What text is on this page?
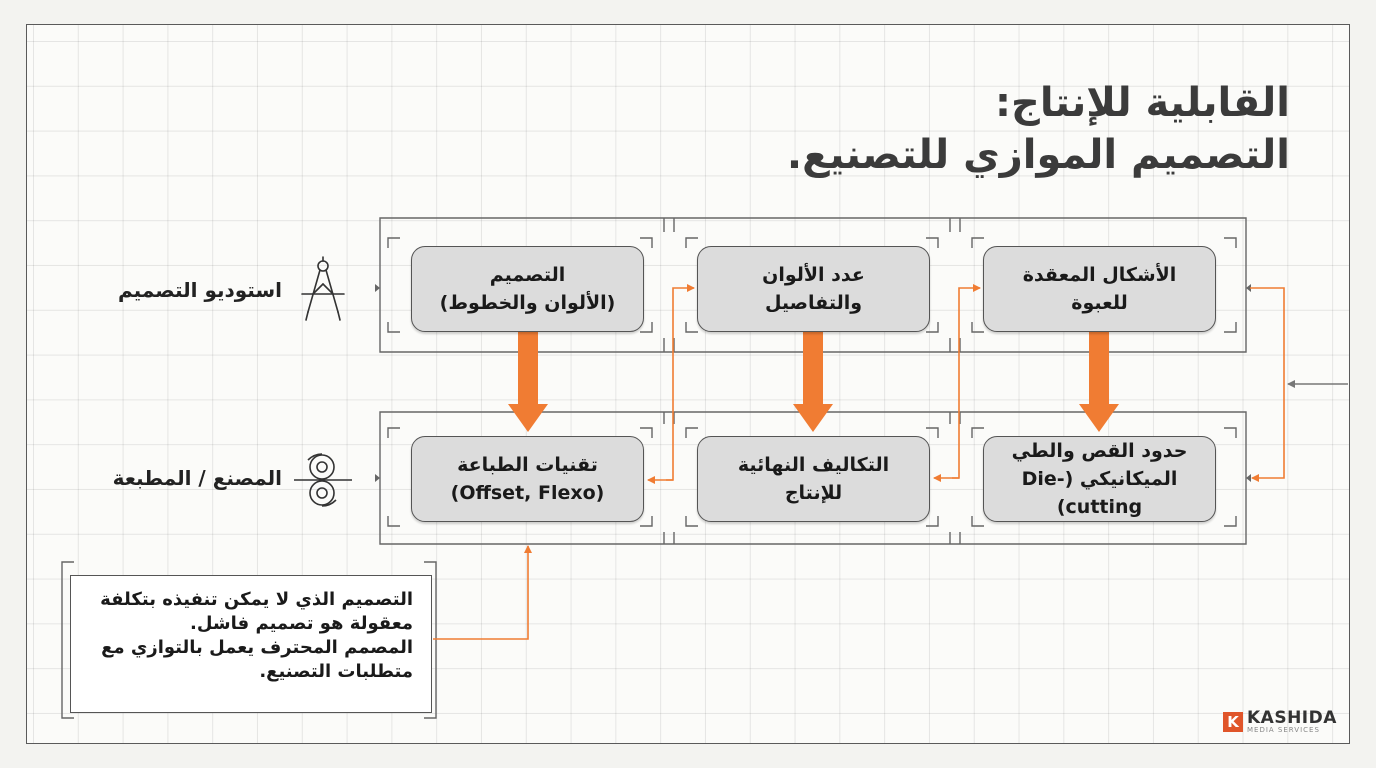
القابلية للإنتاج:
التصميم الموازي للتصنيع.
استوديو التصميم
المصنع / المطبعة
التصميم
(الألوان والخطوط)
تقنيات الطباعة
(Offset, Flexo)
عدد الألوان
والتفاصيل
التكاليف النهائية
للإنتاج
الأشكال المعقدة
للعبوة
حدود القص والطي
الميكانيكي (Die-cutting)
التصميم الذي لا يمكن تنفيذه بتكلفة
معقولة هو تصميم فاشل.
المصمم المحترف يعمل بالتوازي مع
متطلبات التصنيع.
K KASHIDA
MEDIA SERVICES
